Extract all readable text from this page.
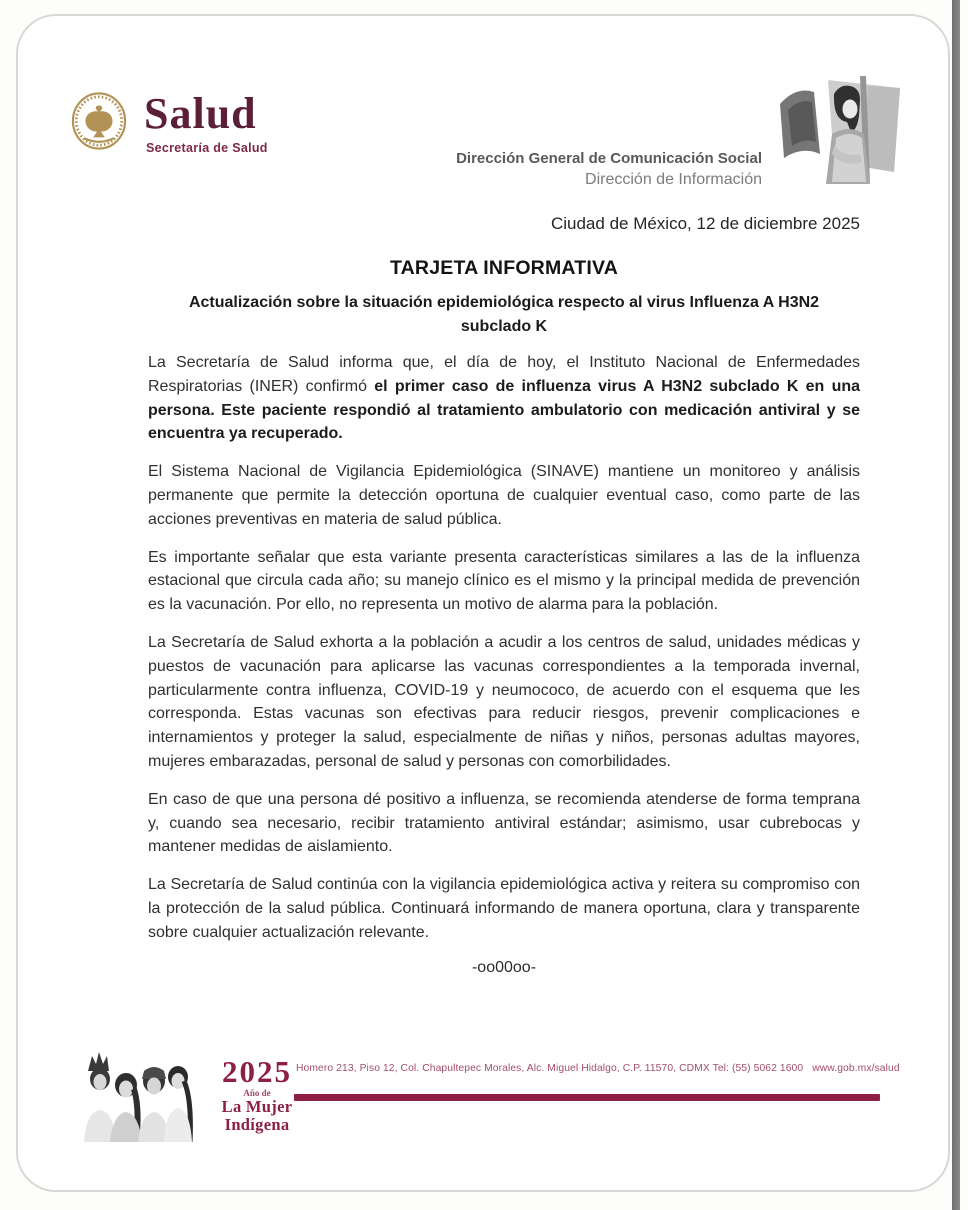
Salud
Secretaría de Salud
Dirección General de Comunicación Social
Dirección de Información
Ciudad de México, 12 de diciembre 2025
TARJETA INFORMATIVA
Actualización sobre la situación epidemiológica respecto al virus Influenza A H3N2
subclado K

La Secretaría de Salud informa que, el día de hoy, el Instituto Nacional de Enfermedades Respiratorias (INER) confirmó el primer caso de influenza virus A H3N2 subclado K en una persona. Este paciente respondió al tratamiento ambulatorio con medicación antiviral y se encuentra ya recuperado.

El Sistema Nacional de Vigilancia Epidemiológica (SINAVE) mantiene un monitoreo y análisis permanente que permite la detección oportuna de cualquier eventual caso, como parte de las acciones preventivas en materia de salud pública.

Es importante señalar que esta variante presenta características similares a las de la influenza estacional que circula cada año; su manejo clínico es el mismo y la principal medida de prevención es la vacunación. Por ello, no representa un motivo de alarma para la población.

La Secretaría de Salud exhorta a la población a acudir a los centros de salud, unidades médicas y puestos de vacunación para aplicarse las vacunas correspondientes a la temporada invernal, particularmente contra influenza, COVID-19 y neumococo, de acuerdo con el esquema que les corresponda. Estas vacunas son efectivas para reducir riesgos, prevenir complicaciones e internamientos y proteger la salud, especialmente de niñas y niños, personas adultas mayores, mujeres embarazadas, personal de salud y personas con comorbilidades.

En caso de que una persona dé positivo a influenza, se recomienda atenderse de forma temprana y, cuando sea necesario, recibir tratamiento antiviral estándar; asimismo, usar cubrebocas y mantener medidas de aislamiento.

La Secretaría de Salud continúa con la vigilancia epidemiológica activa y reitera su compromiso con la protección de la salud pública. Continuará informando de manera oportuna, clara y transparente sobre cualquier actualización relevante.

-oo00oo-
2025
Año de
La Mujer
Indígena
Homero 213, Piso 12, Col. Chapultepec Morales, Alc. Miguel Hidalgo, C.P. 11570, CDMX Tel: (55) 5062 1600 www.gob.mx/salud
